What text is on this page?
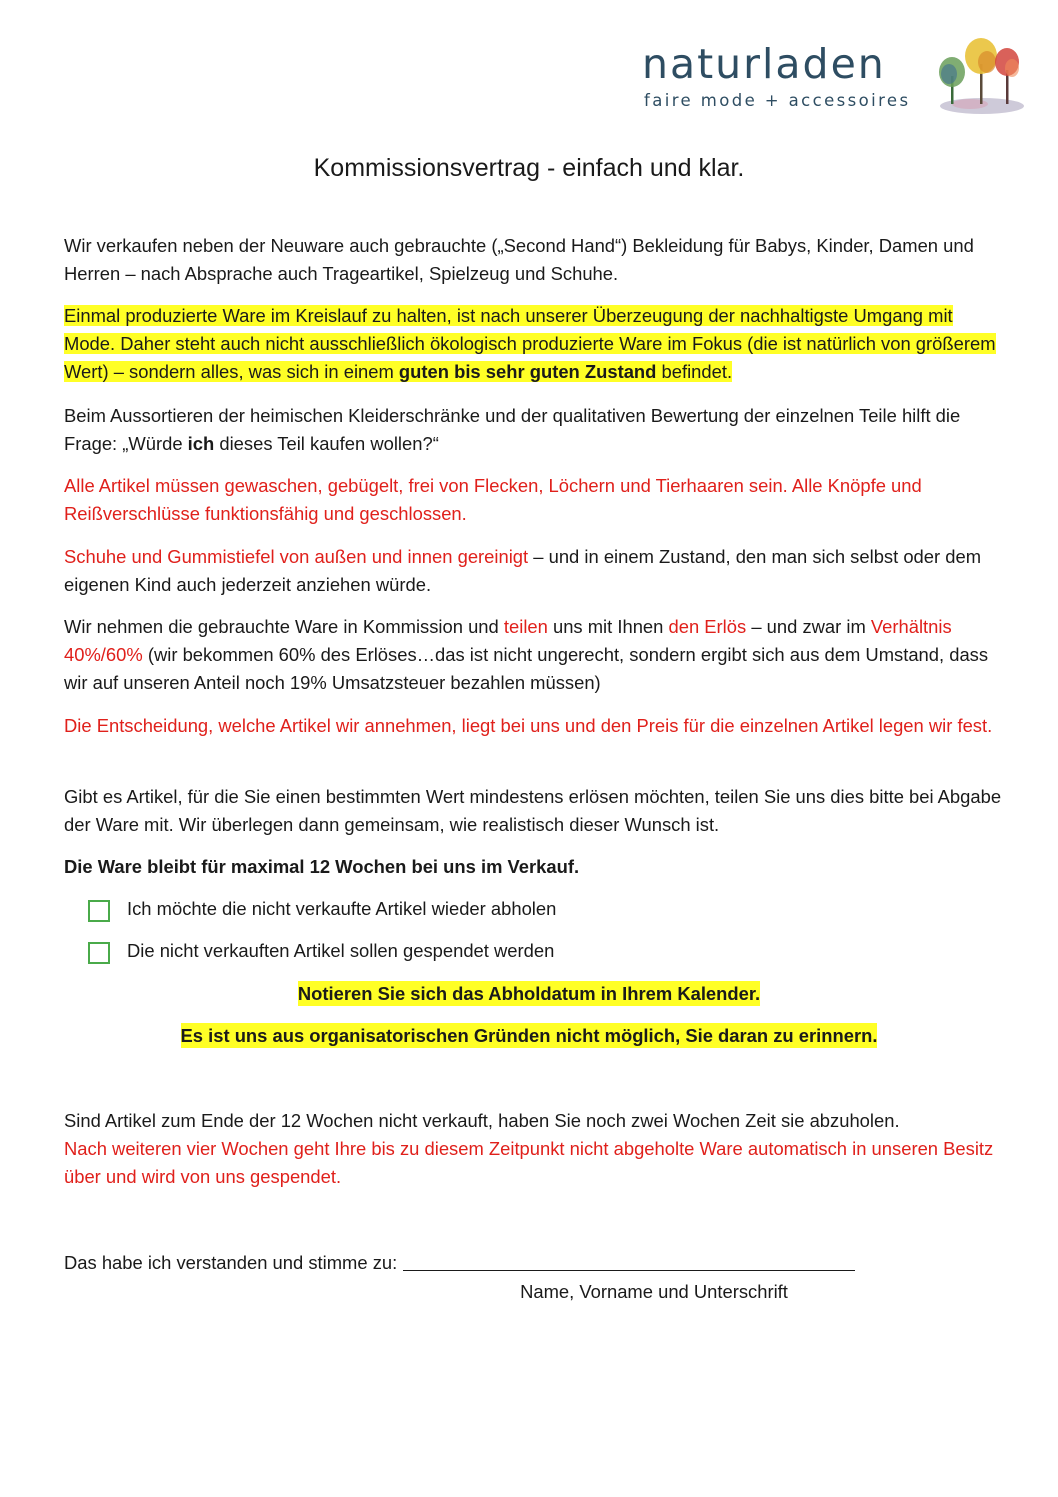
naturladen
faire mode + accessoires
Kommissionsvertrag - einfach und klar.

Wir verkaufen neben der Neuware auch gebrauchte („Second Hand“) Bekleidung für Babys, Kinder, Damen und Herren – nach Absprache auch Trageartikel, Spielzeug und Schuhe.

Einmal produzierte Ware im Kreislauf zu halten, ist nach unserer Überzeugung der nachhaltigste Umgang mit Mode. Daher steht auch nicht ausschließlich ökologisch produzierte Ware im Fokus (die ist natürlich von größerem Wert) – sondern alles, was sich in einem guten bis sehr guten Zustand befindet.

Beim Aussortieren der heimischen Kleiderschränke und der qualitativen Bewertung der einzelnen Teile hilft die Frage: „Würde ich dieses Teil kaufen wollen?“

Alle Artikel müssen gewaschen, gebügelt, frei von Flecken, Löchern und Tierhaaren sein. Alle Knöpfe und Reißverschlüsse funktionsfähig und geschlossen.

Schuhe und Gummistiefel von außen und innen gereinigt – und in einem Zustand, den man sich selbst oder dem eigenen Kind auch jederzeit anziehen würde.

Wir nehmen die gebrauchte Ware in Kommission und teilen uns mit Ihnen den Erlös – und zwar im Verhältnis 40%/60% (wir bekommen 60% des Erlöses…das ist nicht ungerecht, sondern ergibt sich aus dem Umstand, dass wir auf unseren Anteil noch 19% Umsatzsteuer bezahlen müssen)

Die Entscheidung, welche Artikel wir annehmen, liegt bei uns und den Preis für die einzelnen Artikel legen wir fest.

Gibt es Artikel, für die Sie einen bestimmten Wert mindestens erlösen möchten, teilen Sie uns dies bitte bei Abgabe der Ware mit. Wir überlegen dann gemeinsam, wie realistisch dieser Wunsch ist.

Die Ware bleibt für maximal 12 Wochen bei uns im Verkauf.

Ich möchte die nicht verkaufte Artikel wieder abholen
Die nicht verkauften Artikel sollen gespendet werden
Notieren Sie sich das Abholdatum in Ihrem Kalender.
Es ist uns aus organisatorischen Gründen nicht möglich, Sie daran zu erinnern.

Sind Artikel zum Ende der 12 Wochen nicht verkauft, haben Sie noch zwei Wochen Zeit sie abzuholen.
Nach weiteren vier Wochen geht Ihre bis zu diesem Zeitpunkt nicht abgeholte Ware automatisch in unseren Besitz über und wird von uns gespendet.

Das habe ich verstanden und stimme zu:
Name, Vorname und Unterschrift
